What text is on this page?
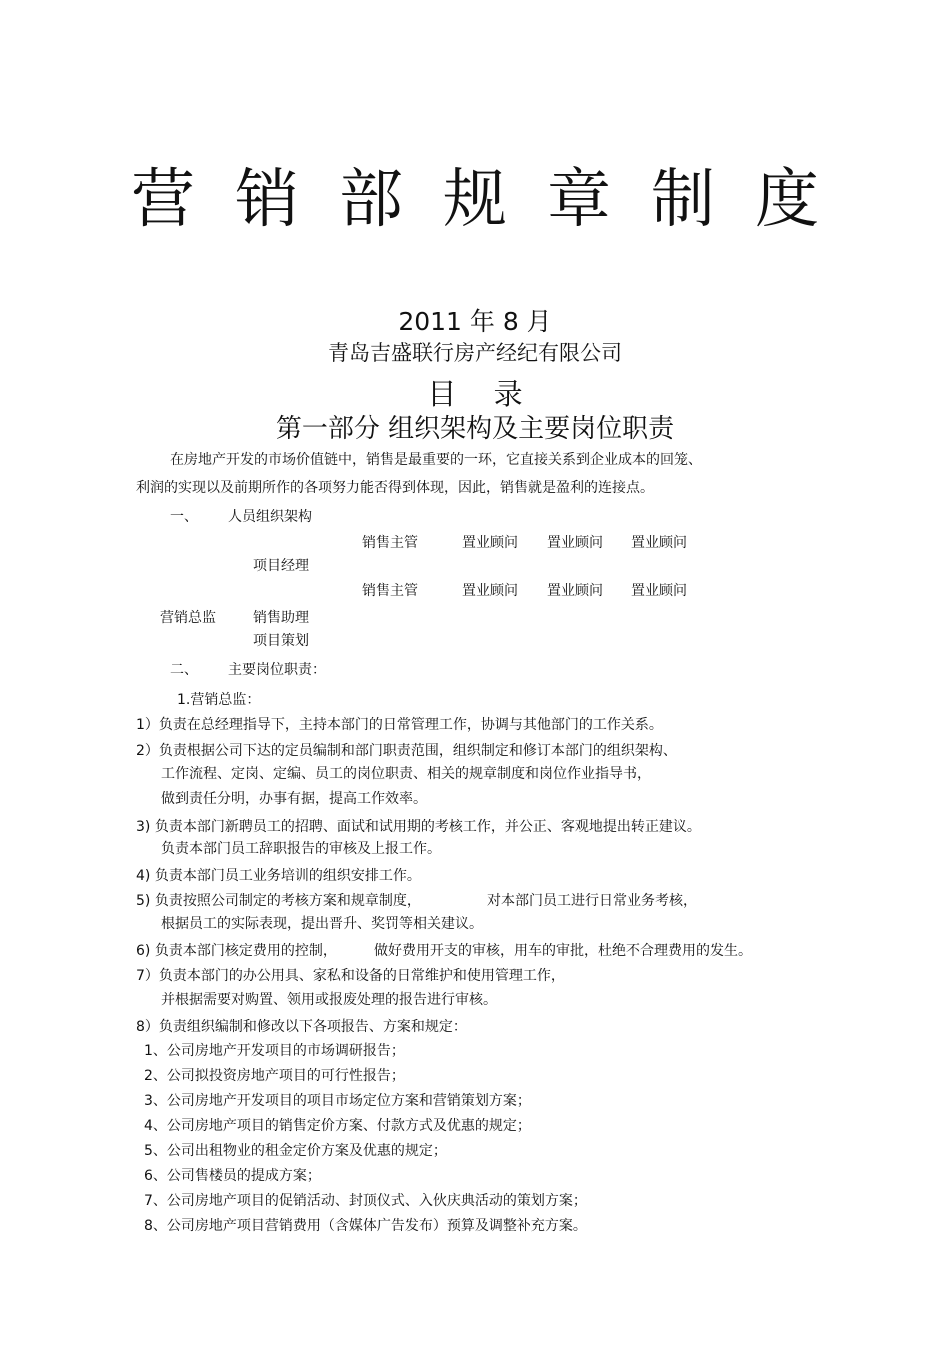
营 销 部 规 章 制 度
2011 年 8 月
青岛吉盛联行房产经纪有限公司
目 录
第一部分 组织架构及主要岗位职责
在房地产开发的市场价值链中，销售是最重要的一环，它直接关系到企业成本的回笼、
利润的实现以及前期所作的各项努力能否得到体现，因此，销售就是盈利的连接点。
一、 人员组织架构
销售主管	置业顾问 置业顾问 置业顾问
项目经理
销售主管	置业顾问 置业顾问 置业顾问
营销总监	销售助理
项目策划
二、 主要岗位职责：
1.营销总监：
1）负责在总经理指导下，主持本部门的日常管理工作，协调与其他部门的工作关系。
2）负责根据公司下达的定员编制和部门职责范围，组织制定和修订本部门的组织架构、
工作流程、定岗、定编、员工的岗位职责、相关的规章制度和岗位作业指导书，
做到责任分明，办事有据，提高工作效率。
3) 负责本部门新聘员工的招聘、面试和试用期的考核工作，并公正、客观地提出转正建议。
负责本部门员工辞职报告的审核及上报工作。
4) 负责本部门员工业务培训的组织安排工作。
5) 负责按照公司制定的考核方案和规章制度，	对本部门员工进行日常业务考核，
根据员工的实际表现，提出晋升、奖罚等相关建议。
6) 负责本部门核定费用的控制，	做好费用开支的审核，用车的审批，杜绝不合理费用的发生。
7）负责本部门的办公用具、家私和设备的日常维护和使用管理工作，
并根据需要对购置、领用或报废处理的报告进行审核。
8）负责组织编制和修改以下各项报告、方案和规定：
1、公司房地产开发项目的市场调研报告；
2、公司拟投资房地产项目的可行性报告；
3、公司房地产开发项目的项目市场定位方案和营销策划方案；
4、公司房地产项目的销售定价方案、付款方式及优惠的规定；
5、公司出租物业的租金定价方案及优惠的规定；
6、公司售楼员的提成方案；
7、公司房地产项目的促销活动、封顶仪式、入伙庆典活动的策划方案；
8、公司房地产项目营销费用（含媒体广告发布）预算及调整补充方案。
